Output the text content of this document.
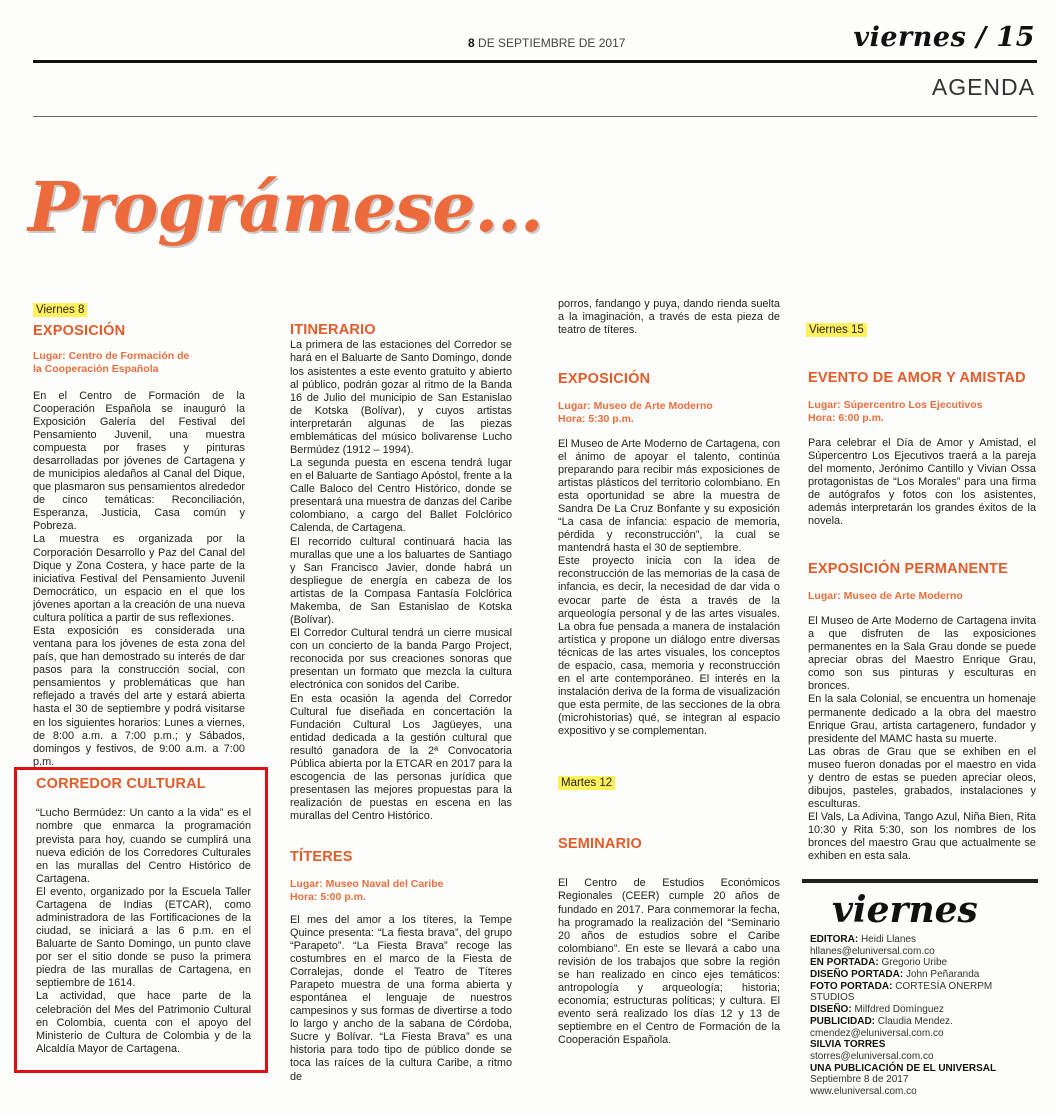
8 DE SEPTIEMBRE DE 2017	viernes / 15
AGENDA
Prográmese...
Viernes 8
EXPOSICIÓN
Lugar: Centro de Formación de la Cooperación Española

En el Centro de Formación de la Cooperación Española se inauguró la Exposición Galería del Festival del Pensamiento Juvenil, una muestra compuesta por frases y pinturas desarrolladas por jóvenes de Cartagena y de municipios aledaños al Canal del Dique, que plasmaron sus pensamientos alrededor de cinco temáticas: Reconciliación, Esperanza, Justicia, Casa común y Pobreza.

La muestra es organizada por la Corporación Desarrollo y Paz del Canal del Dique y Zona Costera, y hace parte de la iniciativa Festival del Pensamiento Juvenil Democrático, un espacio en el que los jóvenes aportan a la creación de una nueva cultura política a partir de sus reflexiones.

Esta exposición es considerada una ventana para los jóvenes de esta zona del país, que han demostrado su interés de dar pasos para la construcción social, con pensamientos y problemáticas que han reflejado a través del arte y estará abierta hasta el 30 de septiembre y podrá visitarse en los siguientes horarios: Lunes a viernes, de 8:00 a.m. a 7:00 p.m.; y Sábados, domingos y festivos, de 9:00 a.m. a 7:00 p.m.

CORREDOR CULTURAL

“Lucho Bermúdez: Un canto a la vida” es el nombre que enmarca la programación prevista para hoy, cuando se cumplirá una nueva edición de los Corredores Culturales en las murallas del Centro Histórico de Cartagena.

El evento, organizado por la Escuela Taller Cartagena de Indias (ETCAR), como administradora de las Fortificaciones de la ciudad, se iniciará a las 6 p.m. en el Baluarte de Santo Domingo, un punto clave por ser el sitio donde se puso la primera piedra de las murallas de Cartagena, en septiembre de 1614.

La actividad, que hace parte de la celebración del Mes del Patrimonio Cultural en Colombia, cuenta con el apoyo del Ministerio de Cultura de Colombia y de la Alcaldía Mayor de Cartagena.

ITINERARIO

La primera de las estaciones del Corredor se hará en el Baluarte de Santo Domingo, donde los asistentes a este evento gratuito y abierto al público, podrán gozar al ritmo de la Banda 16 de Julio del municipio de San Estanislao de Kotska (Bolívar), y cuyos artistas interpretarán algunas de las piezas emblemáticas del músico bolivarense Lucho Bermúdez (1912 – 1994).

La segunda puesta en escena tendrá lugar en el Baluarte de Santiago Apóstol, frente a la Calle Baloco del Centro Histórico, donde se presentará una muestra de danzas del Caribe colombiano, a cargo del Ballet Folclórico Calenda, de Cartagena.

El recorrido cultural continuará hacia las murallas que une a los baluartes de Santiago y San Francisco Javier, donde habrá un despliegue de energía en cabeza de los artistas de la Compasa Fantasía Folclórica Makemba, de San Estanislao de Kotska (Bolívar).

El Corredor Cultural tendrá un cierre musical con un concierto de la banda Pargo Project, reconocida por sus creaciones sonoras que presentan un formato que mezcla la cultura electrónica con sonidos del Caribe.

En esta ocasión la agenda del Corredor Cultural fue diseñada en concertación la Fundación Cultural Los Jagüeyes, una entidad dedicada a la gestión cultural que resultó ganadora de la 2ª Convocatoria Pública abierta por la ETCAR en 2017 para la escogencia de las personas jurídica que presentasen las mejores propuestas para la realización de puestas en escena en las murallas del Centro Histórico.

TÍTERES
Lugar: Museo Naval del Caribe
Hora: 5:00 p.m.

El mes del amor a los títeres, la Tempe Quince presenta: “La fiesta brava”, del grupo “Parapeto”. “La Fiesta Brava” recoge las costumbres en el marco de la Fiesta de Corralejas, donde el Teatro de Títeres Parapeto muestra de una forma abierta y espontánea el lenguaje de nuestros campesinos y sus formas de divertirse a todo lo largo y ancho de la sabana de Córdoba, Sucre y Bolívar. “La Fiesta Brava” es una historia para todo tipo de público donde se toca las raíces de la cultura Caribe, a ritmo de

porros, fandango y puya, dando rienda suelta a la imaginación, a través de esta pieza de teatro de títeres.

EXPOSICIÓN
Lugar: Museo de Arte Moderno
Hora: 5:30 p.m.

El Museo de Arte Moderno de Cartagena, con el ánimo de apoyar el talento, continúa preparando para recibir más exposiciones de artistas plásticos del territorio colombiano. En esta oportunidad se abre la muestra de Sandra De La Cruz Bonfante y su exposición “La casa de infancia: espacio de memoria, pérdida y reconstrucción”, la cual se mantendrá hasta el 30 de septiembre.

Este proyecto inicia con la idea de reconstrucción de las memorias de la casa de infancia, es decir, la necesidad de dar vida o evocar parte de ésta a través de la arqueología personal y de las artes visuales. La obra fue pensada a manera de instalación artística y propone un diálogo entre diversas técnicas de las artes visuales, los conceptos de espacio, casa, memoria y reconstrucción en el arte contemporáneo. El interés en la instalación deriva de la forma de visualización que esta permite, de las secciones de la obra (microhistorias) qué, se integran al espacio expositivo y se complementan.

Martes 12
SEMINARIO

El Centro de Estudios Económicos Regionales (CEER) cumple 20 años de fundado en 2017. Para conmemorar la fecha, ha programado la realización del “Seminario 20 años de estudios sobre el Caribe colombiano”. En este se llevará a cabo una revisión de los trabajos que sobre la región se han realizado en cinco ejes temáticos: antropología y arqueología; historia; economía; estructuras políticas; y cultura. El evento será realizado los días 12 y 13 de septiembre en el Centro de Formación de la Cooperación Española.

Viernes 15
EVENTO DE AMOR Y AMISTAD
Lugar: Súpercentro Los Ejecutivos
Hora: 6:00 p.m.

Para celebrar el Día de Amor y Amistad, el Súpercentro Los Ejecutivos traerá a la pareja del momento, Jerónimo Cantillo y Vivian Ossa protagonistas de “Los Morales” para una firma de autógrafos y fotos con los asistentes, además interpretarán los grandes éxitos de la novela.

EXPOSICIÓN PERMANENTE
Lugar: Museo de Arte Moderno

El Museo de Arte Moderno de Cartagena invita a que disfruten de las exposiciones permanentes en la Sala Grau donde se puede apreciar obras del Maestro Enrique Grau, como son sus pinturas y esculturas en bronces.

En la sala Colonial, se encuentra un homenaje permanente dedicado a la obra del maestro Enrique Grau, artista cartagenero, fundador y presidente del MAMC hasta su muerte.

Las obras de Grau que se exhiben en el museo fueron donadas por el maestro en vida y dentro de estas se pueden apreciar oleos, dibujos, pasteles, grabados, instalaciones y esculturas.

El Vals, La Adivina, Tango Azul, Niña Bien, Rita 10:30 y Rita 5:30, son los nombres de los bronces del maestro Grau que actualmente se exhiben en esta sala.

viernes
EDITORA: Heidi Llanes
hllanes@eluniversal.com.co
EN PORTADA: Gregorio Uribe
DISEÑO PORTADA: John Peñaranda
FOTO PORTADA: CORTESÍA ONERPM STUDIOS
DISEÑO: Milfdred Domínguez
PUBLICIDAD: Claudia Mendez.
cmendez@eluniversal.com.co
SILVIA TORRES
storres@eluniversal.com.co
UNA PUBLICACIÓN DE EL UNIVERSAL
Septiembre 8 de 2017
www.eluniversal.com.co
